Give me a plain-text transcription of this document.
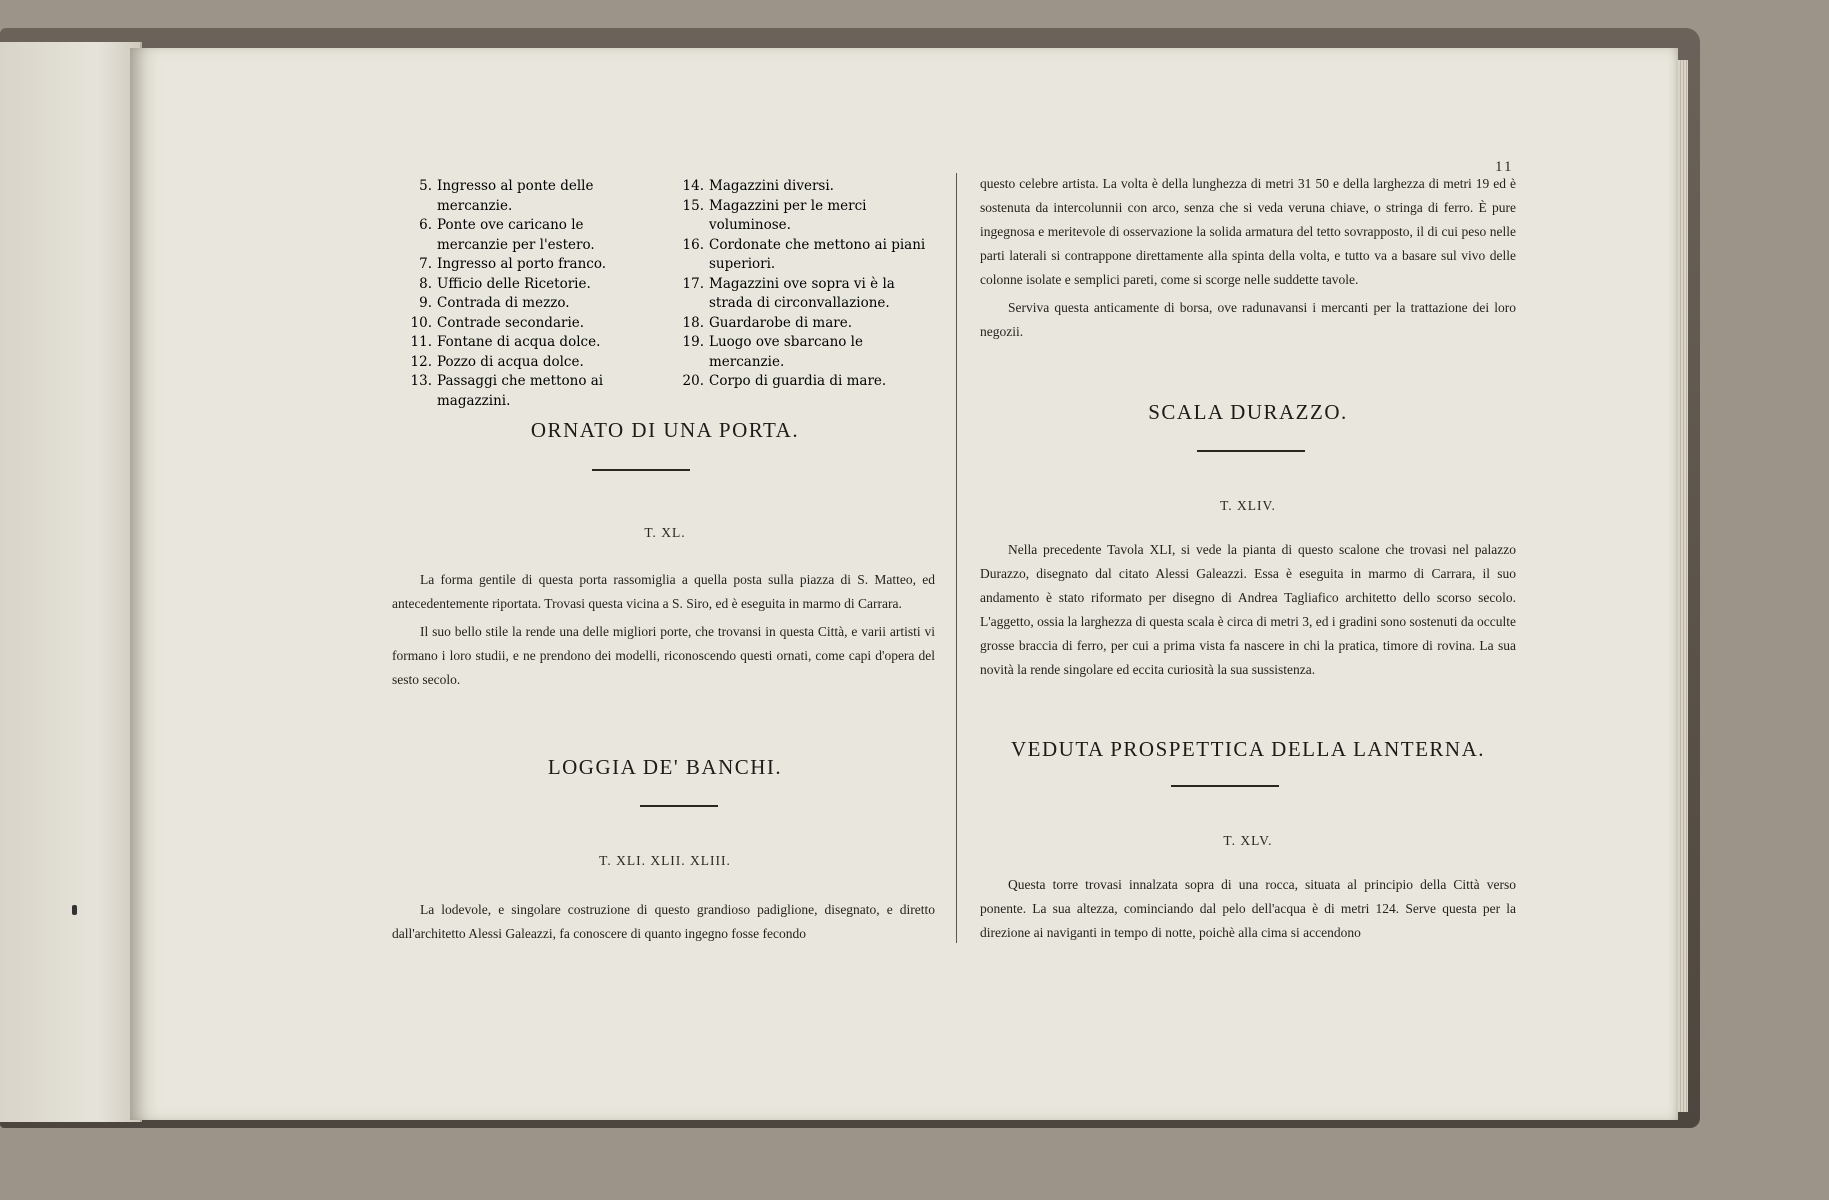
11
5. Ingresso al ponte delle mercanzie.
6. Ponte ove caricano le mercanzie per l'estero.
7. Ingresso al porto franco.
8. Ufficio delle Ricetorie.
9. Contrada di mezzo.
10. Contrade secondarie.
11. Fontane di acqua dolce.
12. Pozzo di acqua dolce.
13. Passaggi che mettono ai magazzini.
14. Magazzini diversi.
15. Magazzini per le merci voluminose.
16. Cordonate che mettono ai piani superiori.
17. Magazzini ove sopra vi è la strada di circonvallazione.
18. Guardarobe di mare.
19. Luogo ove sbarcano le mercanzie.
20. Corpo di guardia di mare.
ORNATO DI UNA PORTA.
T. XL.

La forma gentile di questa porta rassomiglia a quella posta sulla piazza di S. Matteo, ed antecedentemente riportata. Trovasi questa vicina a S. Siro, ed è eseguita in marmo di Carrara.

Il suo bello stile la rende una delle migliori porte, che trovansi in questa Città, e varii artisti vi formano i loro studii, e ne prendono dei modelli, riconoscendo questi ornati, come capi d'opera del sesto secolo.

LOGGIA DE' BANCHI.
T. XLI. XLII. XLIII.

La lodevole, e singolare costruzione di questo grandioso padiglione, disegnato, e diretto dall'architetto Alessi Galeazzi, fa conoscere di quanto ingegno fosse fecondo

questo celebre artista. La volta è della lunghezza di metri 31 50 e della larghezza di metri 19 ed è sostenuta da intercolunnii con arco, senza che si veda veruna chiave, o stringa di ferro. È pure ingegnosa e meritevole di osservazione la solida armatura del tetto sovrapposto, il di cui peso nelle parti laterali si contrappone direttamente alla spinta della volta, e tutto va a basare sul vivo delle colonne isolate e semplici pareti, come si scorge nelle suddette tavole.

Serviva questa anticamente di borsa, ove radunavansi i mercanti per la trattazione dei loro negozii.

SCALA DURAZZO.
T. XLIV.

Nella precedente Tavola XLI, si vede la pianta di questo scalone che trovasi nel palazzo Durazzo, disegnato dal citato Alessi Galeazzi. Essa è eseguita in marmo di Carrara, il suo andamento è stato riformato per disegno di Andrea Tagliafico architetto dello scorso secolo. L'aggetto, ossia la larghezza di questa scala è circa di metri 3, ed i gradini sono sostenuti da occulte grosse braccia di ferro, per cui a prima vista fa nascere in chi la pratica, timore di rovina. La sua novità la rende singolare ed eccita curiosità la sua sussistenza.

VEDUTA PROSPETTICA DELLA LANTERNA.
T. XLV.

Questa torre trovasi innalzata sopra di una rocca, situata al principio della Città verso ponente. La sua altezza, cominciando dal pelo dell'acqua è di metri 124. Serve questa per la direzione ai naviganti in tempo di notte, poichè alla cima si accendono
